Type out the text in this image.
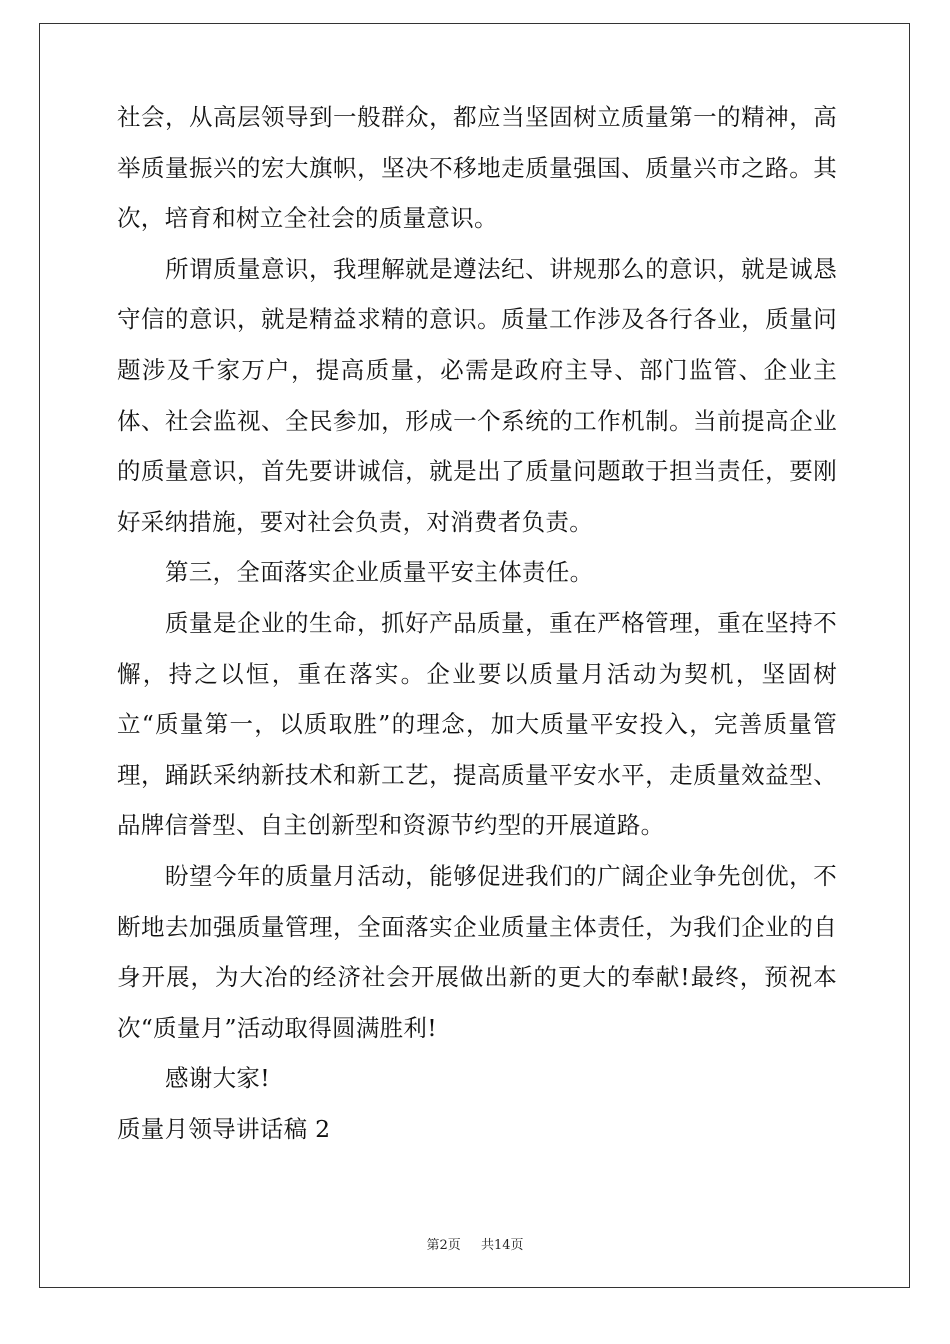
社会，从高层领导到一般群众，都应当坚固树立质量第一的精神，高举质量振兴的宏大旗帜，坚决不移地走质量强国、质量兴市之路。其次，培育和树立全社会的质量意识。

所谓质量意识，我理解就是遵法纪、讲规那么的意识，就是诚恳守信的意识，就是精益求精的意识。质量工作涉及各行各业，质量问题涉及千家万户，提高质量，必需是政府主导、部门监管、企业主体、社会监视、全民参加，形成一个系统的工作机制。当前提高企业的质量意识，首先要讲诚信，就是出了质量问题敢于担当责任，要刚好采纳措施，要对社会负责，对消费者负责。

第三，全面落实企业质量平安主体责任。

质量是企业的生命，抓好产品质量，重在严格管理，重在坚持不懈，持之以恒，重在落实。企业要以质量月活动为契机，坚固树立“质量第一，以质取胜”的理念，加大质量平安投入，完善质量管理，踊跃采纳新技术和新工艺，提高质量平安水平，走质量效益型、品牌信誉型、自主创新型和资源节约型的开展道路。

盼望今年的质量月活动，能够促进我们的广阔企业争先创优，不断地去加强质量管理，全面落实企业质量主体责任，为我们企业的自身开展，为大冶的经济社会开展做出新的更大的奉献!最终，预祝本次“质量月”活动取得圆满胜利!

感谢大家!

质量月领导讲话稿 2

第2页 共14页
